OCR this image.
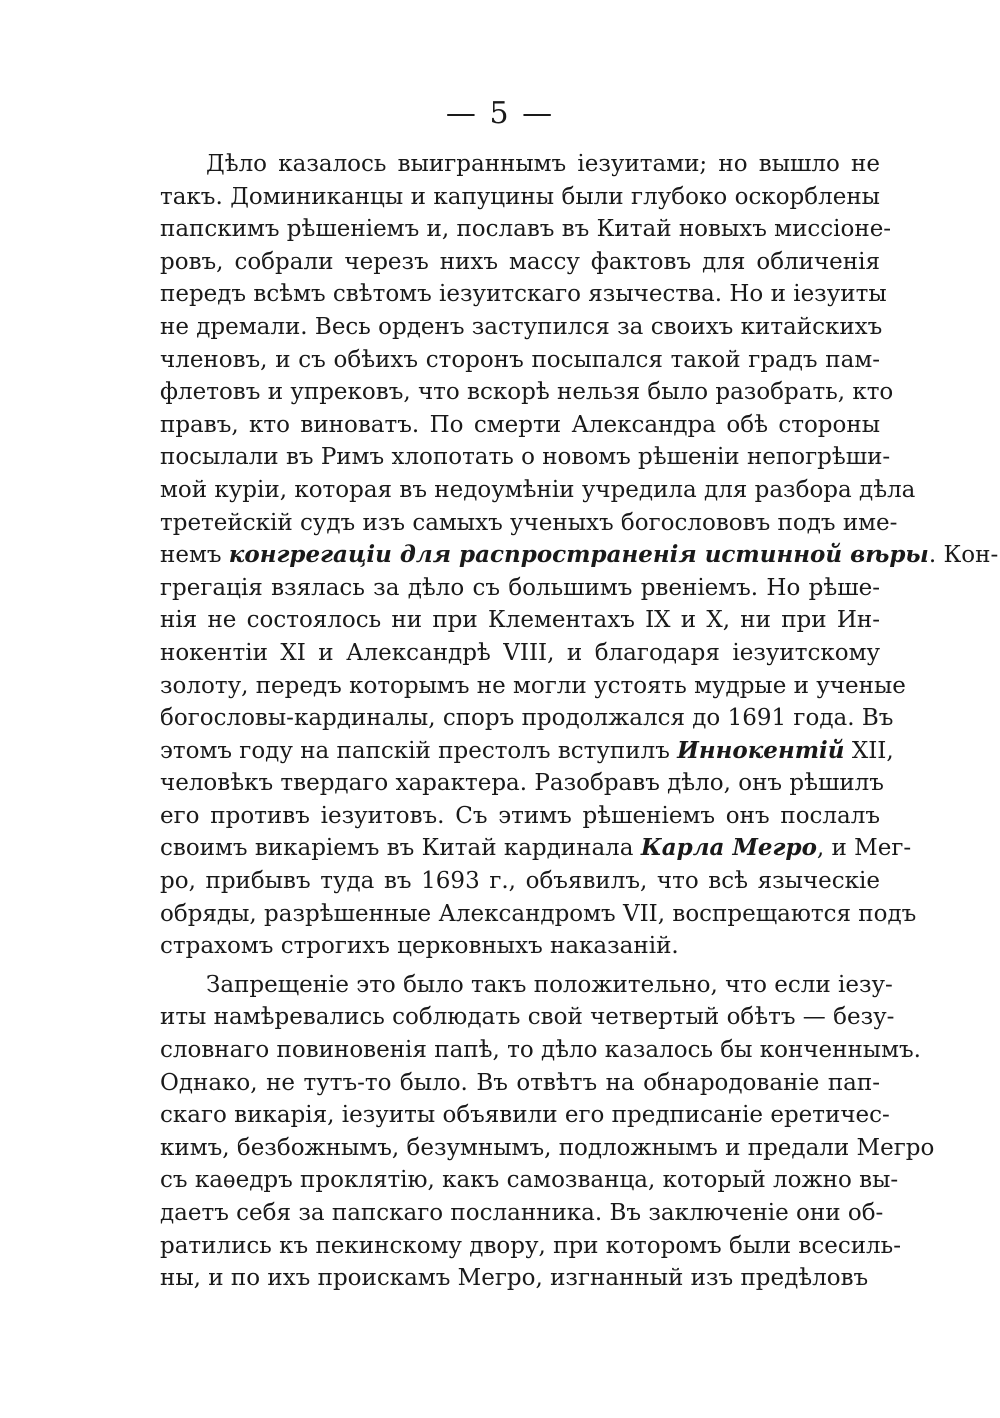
— 5 —
Дѣло казалось выиграннымъ іезуитами; но вышло не
такъ. Доминиканцы и капуцины были глубоко оскорблены
папскимъ рѣшеніемъ и, пославъ въ Китай новыхъ миссіоне-
ровъ, собрали черезъ нихъ массу фактовъ для обличенія
передъ всѣмъ свѣтомъ іезуитскаго язычества. Но и іезуиты
не дремали. Весь орденъ заступился за своихъ китайскихъ
членовъ, и съ обѣихъ сторонъ посыпался такой градъ пам-
флетовъ и упрековъ, что вскорѣ нельзя было разобрать, кто
правъ, кто виноватъ. По смерти Александра обѣ стороны
посылали въ Римъ хлопотать о новомъ рѣшеніи непогрѣши-
мой куріи, которая въ недоумѣніи учредила для разбора дѣла
третейскій судъ изъ самыхъ ученыхъ богослововъ подъ име-
немъ конгрегаціи для распространенія истинной вѣры. Кон-
грегація взялась за дѣло съ большимъ рвеніемъ. Но рѣше-
нія не состоялось ни при Клементахъ IX и X, ни при Ин-
нокентіи XI и Александрѣ VIII, и благодаря іезуитскому
золоту, передъ которымъ не могли устоять мудрые и ученые
богословы-кардиналы, споръ продолжался до 1691 года. Въ
этомъ году на папскій престолъ вступилъ Иннокентій XII,
человѣкъ твердаго характера. Разобравъ дѣло, онъ рѣшилъ
его противъ іезуитовъ. Съ этимъ рѣшеніемъ онъ послалъ
своимъ викаріемъ въ Китай кардинала Карла Мегро, и Мег-
ро, прибывъ туда въ 1693 г., объявилъ, что всѣ языческіе
обряды, разрѣшенные Александромъ VII, воспрещаются подъ
страхомъ строгихъ церковныхъ наказаній.
Запрещеніе это было такъ положительно, что если іезу-
иты намѣревались соблюдать свой четвертый обѣтъ — безу-
словнаго повиновенія папѣ, то дѣло казалось бы конченнымъ.
Однако, не тутъ-то было. Въ отвѣтъ на обнародованіе пап-
скаго викарія, іезуиты объявили его предписаніе еретичес-
кимъ, безбожнымъ, безумнымъ, подложнымъ и предали Мегро
съ каѳедръ проклятію, какъ самозванца, который ложно вы-
даетъ себя за папскаго посланника. Въ заключеніе они об-
ратились къ пекинскому двору, при которомъ были всесиль-
ны, и по ихъ проискамъ Мегро, изгнанный изъ предѣловъ
